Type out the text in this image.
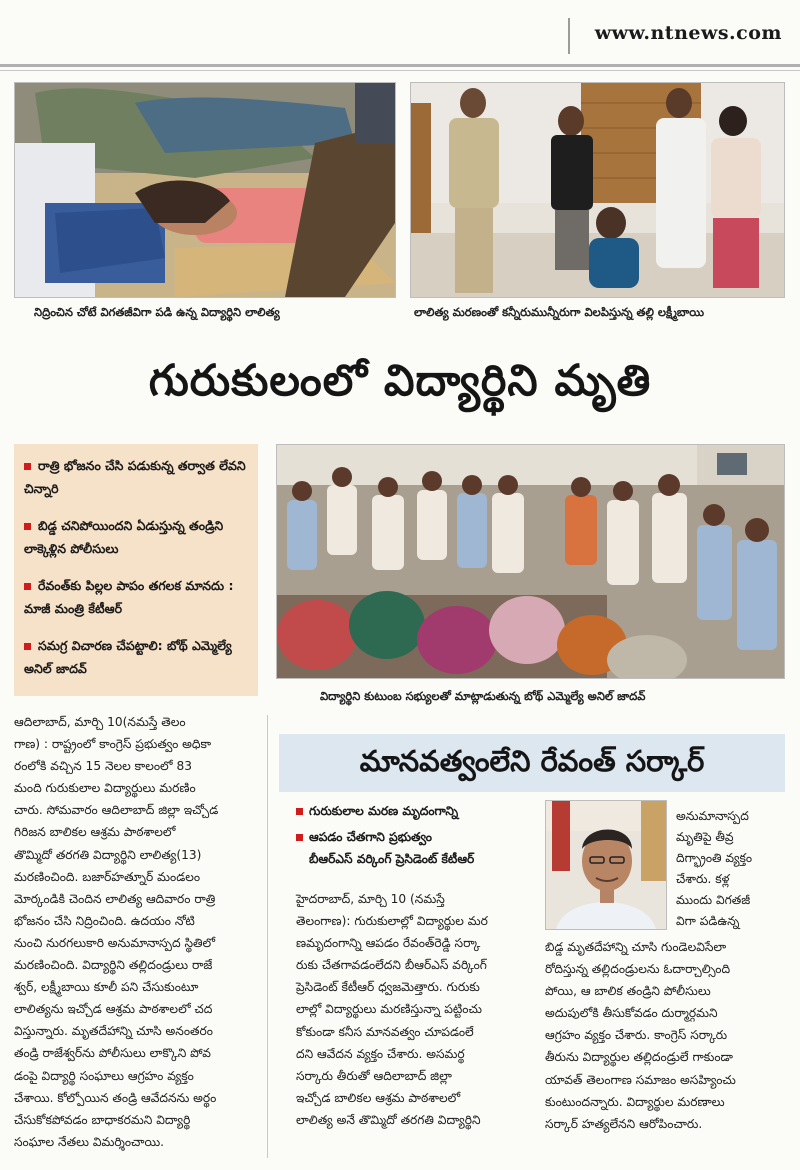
www.ntnews.com
నిద్రించిన చోటే విగతజీవిగా పడి ఉన్న విద్యార్థిని లాలిత్య	లాలిత్య మరణంతో కన్నీరుమున్నీరుగా విలపిస్తున్న తల్లి లక్ష్మీబాయి
గురుకులంలో విద్యార్థిని మృతి
రాత్రి భోజనం చేసి పడుకున్న తర్వాత లేవని చిన్నారి
బిడ్డ చనిపోయిందని ఏడుస్తున్న తండ్రిని లాక్కెళ్లిన పోలీసులు
రేవంత్‌కు పిల్లల పాపం తగలక మానదు : మాజీ మంత్రి కేటీఆర్
సమగ్ర విచారణ చేపట్టాలి: బోథ్ ఎమ్మెల్యే అనిల్ జాదవ్
విద్యార్థిని కుటుంబ సభ్యులతో మాట్లాడుతున్న బోథ్ ఎమ్మెల్యే అనిల్ జాదవ్
ఆదిలాబాద్, మార్చి 10(నమస్తే తెలం
గాణ) : రాష్ట్రంలో కాంగ్రెస్ ప్రభుత్వం అధికా
రంలోకి వచ్చిన 15 నెలల కాలంలో 83
మంది గురుకులాల విద్యార్థులు మరణిం
చారు. సోమవారం ఆదిలాబాద్ జిల్లా ఇచ్చోడ
గిరిజన బాలికల ఆశ్రమ పాఠశాలలో
తొమ్మిదో తరగతి విద్యార్థిని లాలిత్య(13)
మరణించింది. బజార్‌హత్నూర్ మండలం
మోర్కండికి చెందిన లాలిత్య ఆదివారం రాత్రి
భోజనం చేసి నిద్రించింది. ఉదయం నోటి
నుంచి నురగలుకారి అనుమానాస్పద స్థితిలో
మరణించింది. విద్యార్థిని తల్లిదండ్రులు రాజే
శ్వర్, లక్ష్మీబాయి కూలీ పని చేసుకుంటూ
లాలిత్యను ఇచ్చోడ ఆశ్రమ పాఠశాలలో చద
విస్తున్నారు. మృతదేహాన్ని చూసి అనంతరం
తండ్రి రాజేశ్వర్‌ను పోలీసులు లాక్కొని పోవ
డంపై విద్యార్థి సంఘాలు ఆగ్రహం వ్యక్తం
చేశాయి. కోల్పోయిన తండ్రి ఆవేదనను అర్థం
చేసుకోకపోవడం బాధాకరమని విద్యార్థి
సంఘాల నేతలు విమర్శించాయి.
మానవత్వంలేని రేవంత్ సర్కార్
గురుకులాల మరణ మృదంగాన్ని
ఆపడం చేతగాని ప్రభుత్వం
బీఆర్‌ఎస్ వర్కింగ్ ప్రెసిడెంట్ కేటీఆర్
అనుమానాస్పద
మృతిపై తీవ్ర
దిగ్భ్రాంతి వ్యక్తం
చేశారు. కళ్ల
ముందు విగతజీ
విగా పడిఉన్న
హైదరాబాద్, మార్చి 10 (నమస్తే
తెలంగాణ): గురుకులాల్లో విద్యార్థుల మర
ణమృదంగాన్ని ఆపడం రేవంత్‌రెడ్డి సర్కా
రుకు చేతగావడంలేదని బీఆర్‌ఎస్ వర్కింగ్
ప్రెసిడెంట్ కేటీఆర్ ధ్వజమెత్తారు. గురుకు
లాల్లో విద్యార్థులు మరణిస్తున్నా పట్టించు
కోకుండా కనీస మానవత్వం చూపడంలే
దని ఆవేదన వ్యక్తం చేశారు. అసమర్థ
సర్కారు తీరుతో ఆదిలాబాద్ జిల్లా
ఇచ్చోడ బాలికల ఆశ్రమ పాఠశాలలో
లాలిత్య అనే తొమ్మిదో తరగతి విద్యార్థిని
బిడ్డ మృతదేహాన్ని చూసి గుండెలవిసేలా
రోదిస్తున్న తల్లిదండ్రులను ఓదార్చాల్సింది
పోయి, ఆ బాలిక తండ్రిని పోలీసులు
అదుపులోకి తీసుకోవడం దుర్మార్గమని
ఆగ్రహం వ్యక్తం చేశారు. కాంగ్రెస్ సర్కారు
తీరును విద్యార్థుల తల్లిదండ్రులే గాకుండా
యావత్ తెలంగాణ సమాజం అసహ్యించు
కుంటుందన్నారు. విద్యార్థుల మరణాలు
సర్కార్ హత్యలేనని ఆరోపించారు.
